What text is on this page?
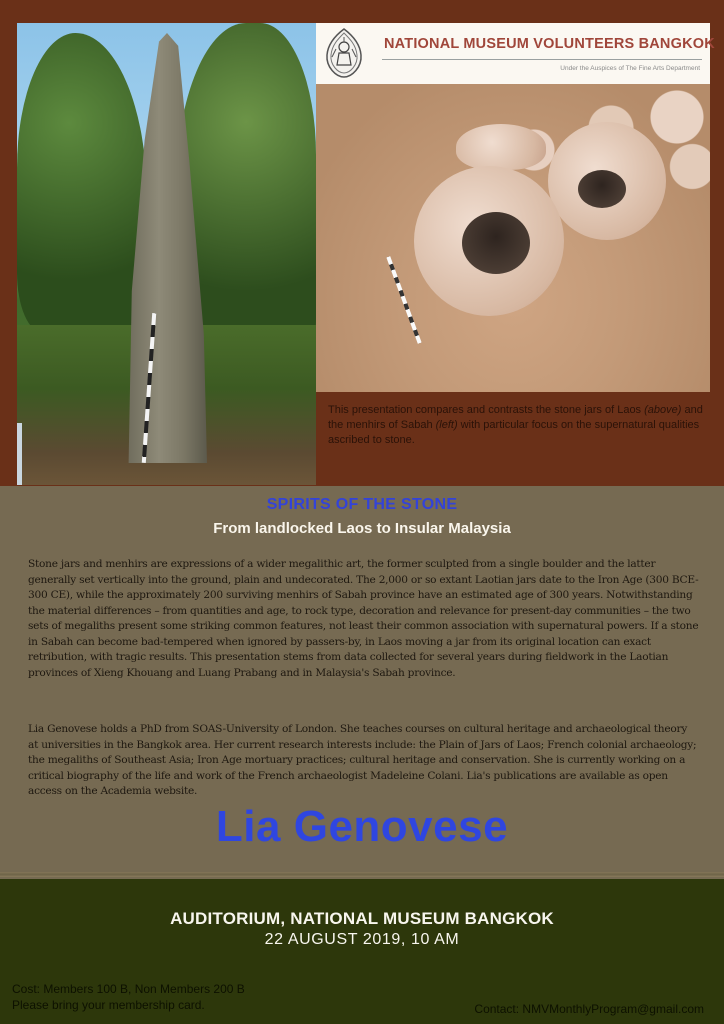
NATIONAL MUSEUM VOLUNTEERS BANGKOK
Under the Auspices of The Fine Arts Department
This presentation compares and contrasts the stone jars of Laos (above) and the menhirs of Sabah (left) with particular focus on the supernatural qualities ascribed to stone.
SPIRITS OF THE STONE
From landlocked Laos to Insular Malaysia
Stone jars and menhirs are expressions of a wider megalithic art, the former sculpted from a single boulder and the latter generally set vertically into the ground, plain and undecorated. The 2,000 or so extant Laotian jars date to the Iron Age (300 BCE-300 CE), while the approximately 200 surviving menhirs of Sabah province have an estimated age of 300 years. Notwithstanding the material differences – from quantities and age, to rock type, decoration and relevance for present-day communities – the two sets of megaliths present some striking common features, not least their common association with supernatural powers. If a stone in Sabah can become bad-tempered when ignored by passers-by, in Laos moving a jar from its original location can exact retribution, with tragic results. This presentation stems from data collected for several years during fieldwork in the Laotian provinces of Xieng Khouang and Luang Prabang and in Malaysia's Sabah province.
Lia Genovese holds a PhD from SOAS-University of London. She teaches courses on cultural heritage and archaeological theory at universities in the Bangkok area. Her current research interests include: the Plain of Jars of Laos; French colonial archaeology; the megaliths of Southeast Asia; Iron Age mortuary practices; cultural heritage and conservation. She is currently working on a critical biography of the life and work of the French archaeologist Madeleine Colani. Lia's publications are available as open access on the Academia website.
Lia Genovese
AUDITORIUM, NATIONAL MUSEUM BANGKOK
22 AUGUST 2019, 10 AM
Cost: Members 100 B, Non Members 200 B
Please bring your membership card.	Contact: NMVMonthlyProgram@gmail.com
